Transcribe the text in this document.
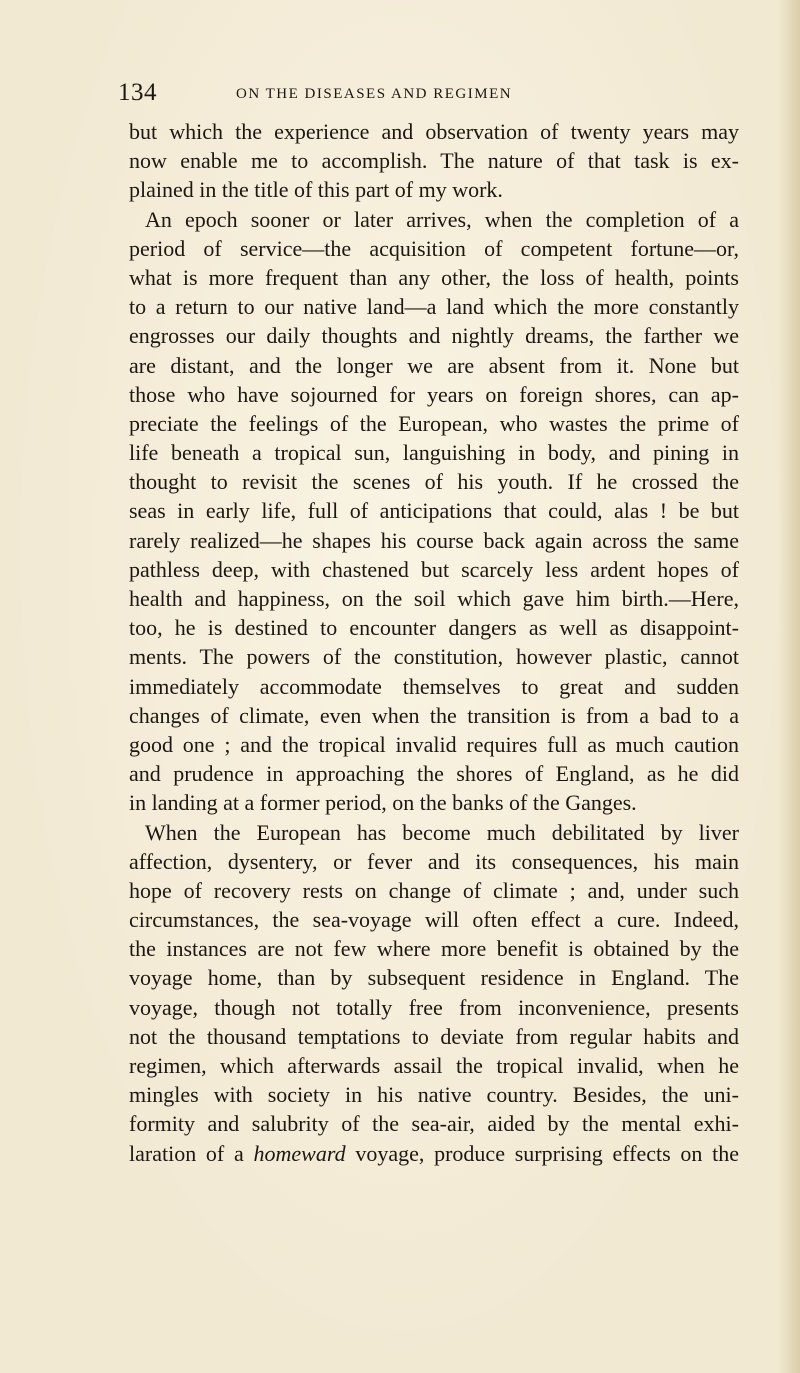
134	ON THE DISEASES AND REGIMEN
but which the experience and observation of twenty years may
now enable me to accomplish. The nature of that task is ex-
plained in the title of this part of my work.
An epoch sooner or later arrives, when the completion of a
period of service—the acquisition of competent fortune—or,
what is more frequent than any other, the loss of health, points
to a return to our native land—a land which the more constantly
engrosses our daily thoughts and nightly dreams, the farther we
are distant, and the longer we are absent from it. None but
those who have sojourned for years on foreign shores, can ap-
preciate the feelings of the European, who wastes the prime of
life beneath a tropical sun, languishing in body, and pining in
thought to revisit the scenes of his youth. If he crossed the
seas in early life, full of anticipations that could, alas ! be but
rarely realized—he shapes his course back again across the same
pathless deep, with chastened but scarcely less ardent hopes of
health and happiness, on the soil which gave him birth.—Here,
too, he is destined to encounter dangers as well as disappoint-
ments. The powers of the constitution, however plastic, cannot
immediately accommodate themselves to great and sudden
changes of climate, even when the transition is from a bad to a
good one ; and the tropical invalid requires full as much caution
and prudence in approaching the shores of England, as he did
in landing at a former period, on the banks of the Ganges.
When the European has become much debilitated by liver
affection, dysentery, or fever and its consequences, his main
hope of recovery rests on change of climate ; and, under such
circumstances, the sea-voyage will often effect a cure. Indeed,
the instances are not few where more benefit is obtained by the
voyage home, than by subsequent residence in England. The
voyage, though not totally free from inconvenience, presents
not the thousand temptations to deviate from regular habits and
regimen, which afterwards assail the tropical invalid, when he
mingles with society in his native country. Besides, the uni-
formity and salubrity of the sea-air, aided by the mental exhi-
laration of a homeward voyage, produce surprising effects on the
